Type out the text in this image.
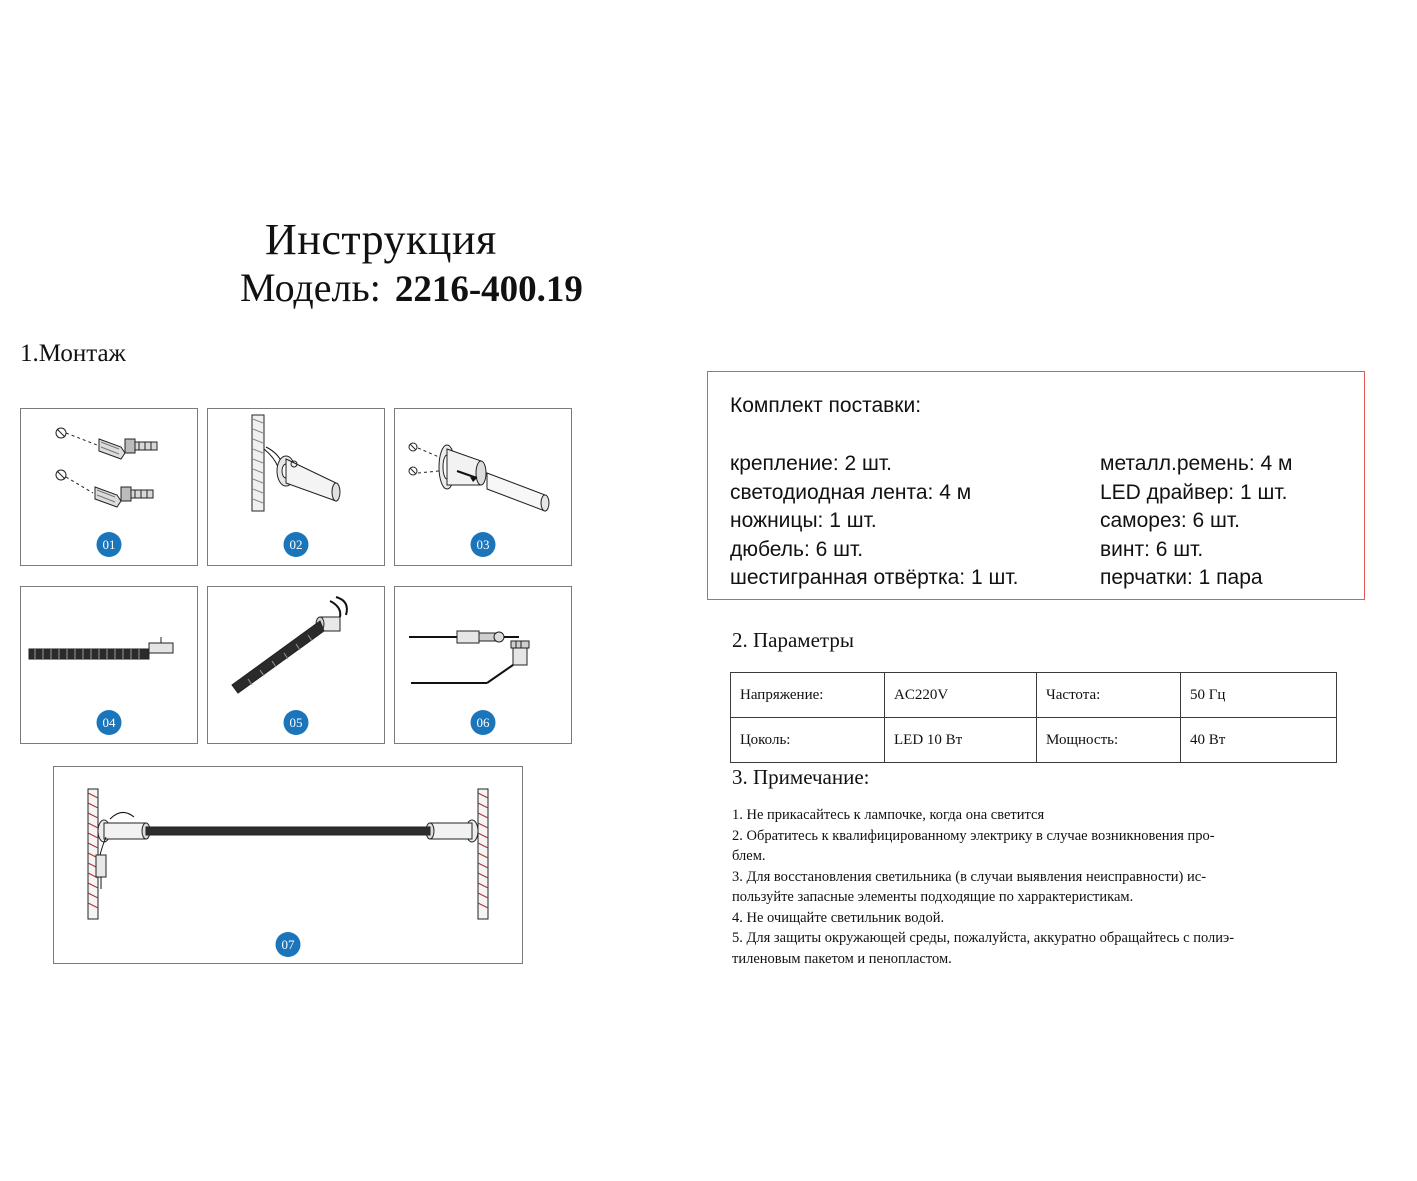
Инструкция
Модель: 2216-400.19
1.Монтаж
01	02	03
04	05	06
07
Комплект поставки:
крепление: 2 шт.
светодиодная лента: 4 м
ножницы: 1 шт.
дюбель: 6 шт.
шестигранная отвёртка: 1 шт.
металл.ремень: 4 м
LED драйвер: 1 шт.
саморез: 6 шт.
винт: 6 шт.
перчатки: 1 пара
2. Параметры
Напряжение:	AC220V	Частота:	50 Гц
Цоколь:	LED 10 Вт	Мощность:	40 Вт
3. Примечание:
1. Не прикасайтесь к лампочке, когда она светится
2. Обратитесь к квалифицированному электрику в случае возникновения про-
блем.
3. Для восстановления светильника (в случаи выявления неисправности) ис-
пользуйте запасные элементы подходящие по харрактеристикам.
4. Не очищайте светильник водой.
5. Для защиты окружающей среды, пожалуйста, аккуратно обращайтесь с полиэ-
тиленовым пакетом и пенопластом.
